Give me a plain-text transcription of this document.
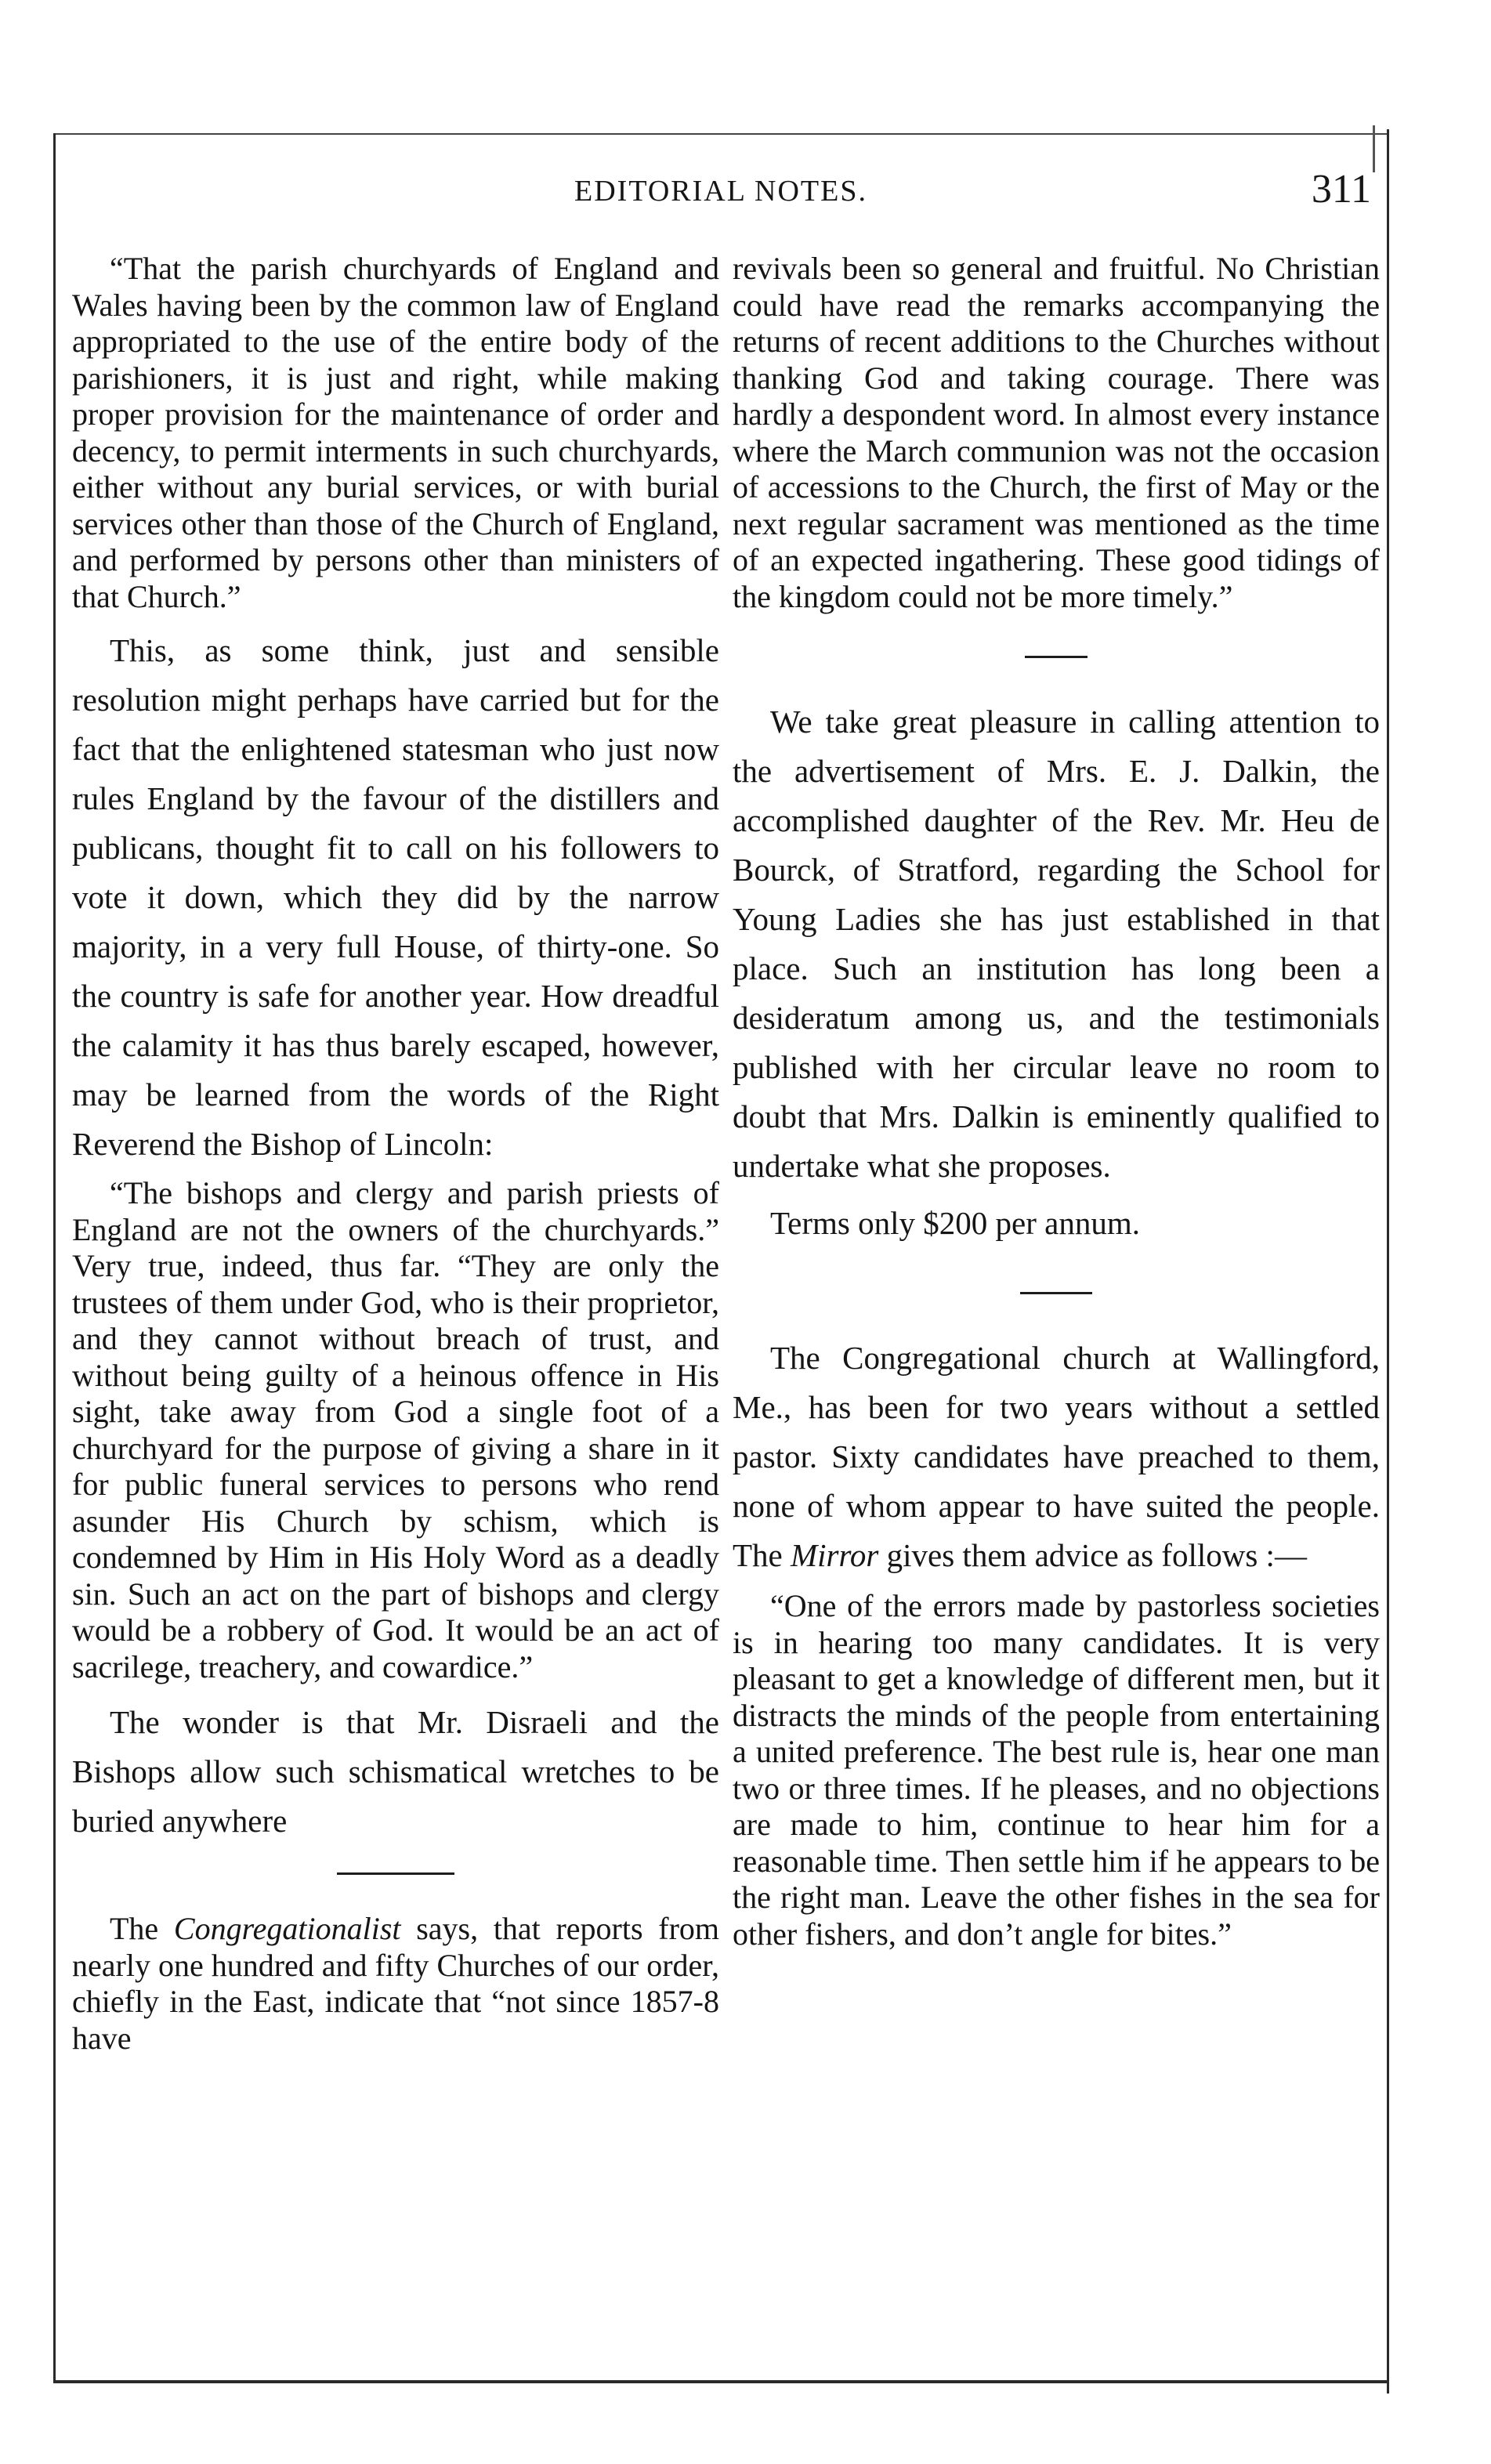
EDITORIAL NOTES.	311

“That the parish churchyards of England and Wales having been by the common law of England appropriated to the use of the entire body of the parishioners, it is just and right, while making proper provision for the maintenance of order and decency, to permit interments in such churchyards, either without any burial services, or with burial services other than those of the Church of England, and performed by persons other than ministers of that Church.”

This, as some think, just and sensible resolution might perhaps have carried but for the fact that the enlightened statesman who just now rules England by the favour of the distillers and publicans, thought fit to call on his followers to vote it down, which they did by the narrow majority, in a very full House, of thirty-one. So the country is safe for another year. How dreadful the calamity it has thus barely escaped, however, may be learned from the words of the Right Reverend the Bishop of Lincoln:

“The bishops and clergy and parish priests of England are not the owners of the churchyards.” Very true, indeed, thus far. “They are only the trustees of them under God, who is their proprietor, and they cannot without breach of trust, and without being guilty of a heinous offence in His sight, take away from God a single foot of a churchyard for the purpose of giving a share in it for public funeral services to persons who rend asunder His Church by schism, which is condemned by Him in His Holy Word as a deadly sin. Such an act on the part of bishops and clergy would be a robbery of God. It would be an act of sacrilege, treachery, and cowardice.”

The wonder is that Mr. Disraeli and the Bishops allow such schismatical wretches to be buried anywhere

The Congregationalist says, that reports from nearly one hundred and fifty Churches of our order, chiefly in the East, indicate that “not since 1857-8 have

revivals been so general and fruitful. No Christian could have read the remarks accompanying the returns of recent additions to the Churches without thanking God and taking courage. There was hardly a despondent word. In almost every instance where the March communion was not the occasion of accessions to the Church, the first of May or the next regular sacrament was mentioned as the time of an expected ingathering. These good tidings of the kingdom could not be more timely.”

We take great pleasure in calling attention to the advertisement of Mrs. E. J. Dalkin, the accomplished daughter of the Rev. Mr. Heu de Bourck, of Stratford, regarding the School for Young Ladies she has just established in that place. Such an institution has long been a desideratum among us, and the testimonials published with her circular leave no room to doubt that Mrs. Dalkin is eminently qualified to undertake what she proposes.

Terms only $200 per annum.

The Congregational church at Wallingford, Me., has been for two years without a settled pastor. Sixty candidates have preached to them, none of whom appear to have suited the people. The Mirror gives them advice as follows :—

“One of the errors made by pastorless societies is in hearing too many candidates. It is very pleasant to get a knowledge of different men, but it distracts the minds of the people from entertaining a united preference. The best rule is, hear one man two or three times. If he pleases, and no objections are made to him, continue to hear him for a reasonable time. Then settle him if he appears to be the right man. Leave the other fishes in the sea for other fishers, and don’t angle for bites.”
